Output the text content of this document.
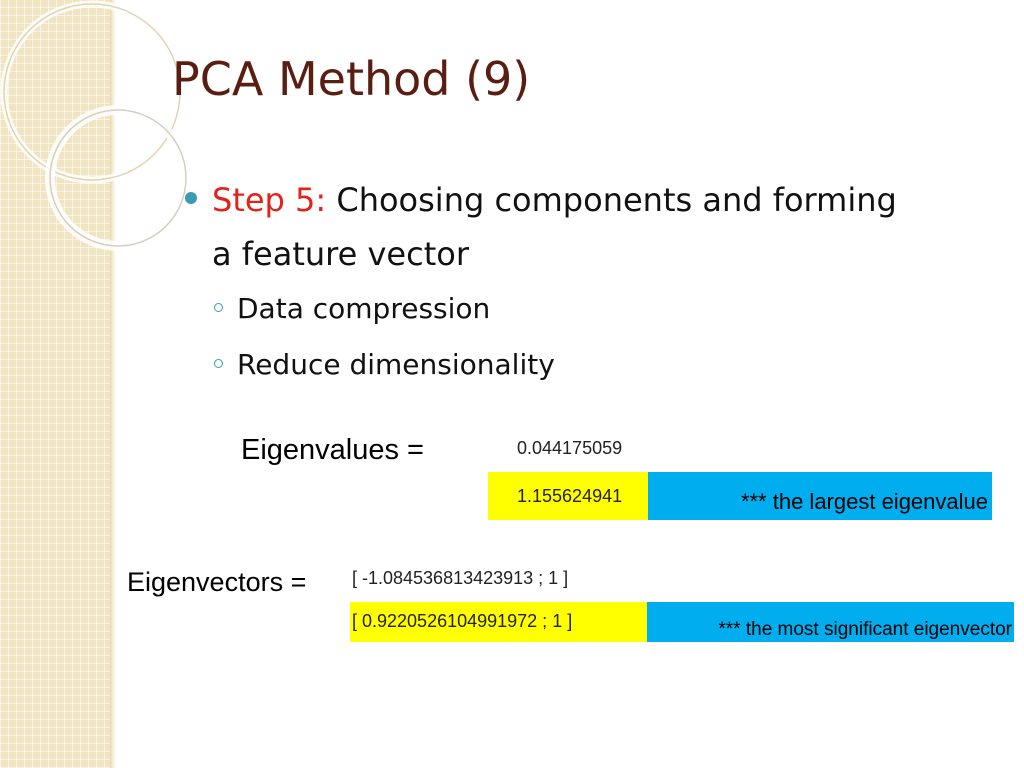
PCA Method (9)
Step 5: Choosing components and forming a feature vector
Data compression
Reduce dimensionality
Eigenvalues =	0.044175059
1.155624941	*** the largest eigenvalue
Eigenvectors =	[ -1.084536813423913 ; 1 ]
[ 0.9220526104991972 ; 1 ]	*** the most significant eigenvector
